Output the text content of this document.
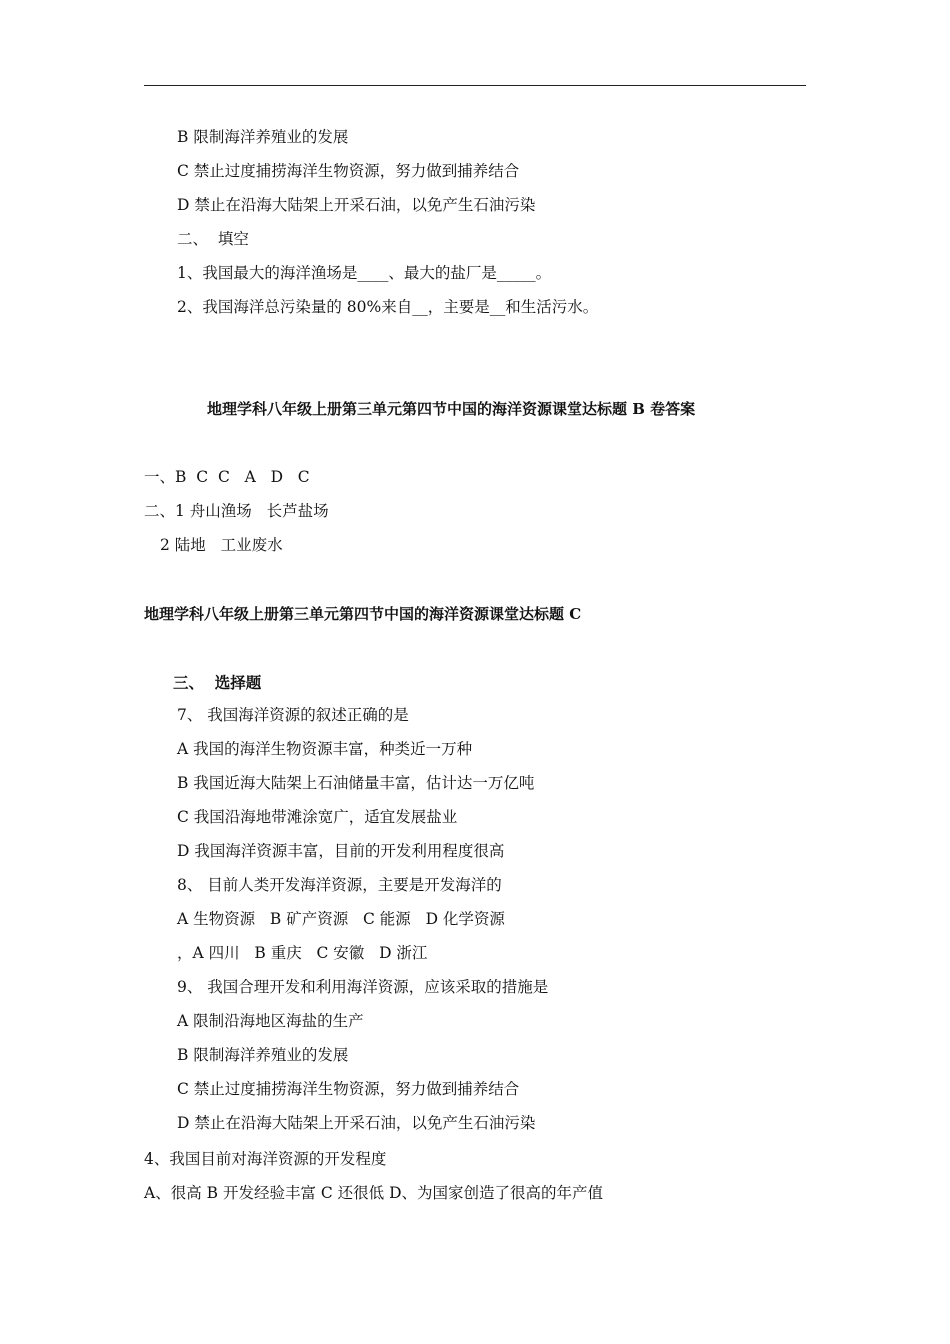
B 限制海洋养殖业的发展
C 禁止过度捕捞海洋生物资源，努力做到捕养结合
D 禁止在沿海大陆架上开采石油，以免产生石油污染
二、  填空
1、我国最大的海洋渔场是____、最大的盐厂是_____。
2、我国海洋总污染量的 80%来自__，主要是__和生活污水。
地理学科八年级上册第三单元第四节中国的海洋资源课堂达标题 B 卷答案
一、B  C  C   A   D   C
二、1 舟山渔场   长芦盐场
2 陆地   工业废水
地理学科八年级上册第三单元第四节中国的海洋资源课堂达标题 C
三、  选择题
7、 我国海洋资源的叙述正确的是
A 我国的海洋生物资源丰富，种类近一万种
B 我国近海大陆架上石油储量丰富，估计达一万亿吨
C 我国沿海地带滩涂宽广，适宜发展盐业
D 我国海洋资源丰富，目前的开发利用程度很高
8、 目前人类开发海洋资源，主要是开发海洋的
A 生物资源   B 矿产资源   C 能源   D 化学资源
，A 四川   B 重庆   C 安徽   D 浙江
9、 我国合理开发和利用海洋资源，应该采取的措施是
A 限制沿海地区海盐的生产
B 限制海洋养殖业的发展
C 禁止过度捕捞海洋生物资源，努力做到捕养结合
D 禁止在沿海大陆架上开采石油，以免产生石油污染
4、我国目前对海洋资源的开发程度
A、很高 B 开发经验丰富 C 还很低 D、为国家创造了很高的年产值
